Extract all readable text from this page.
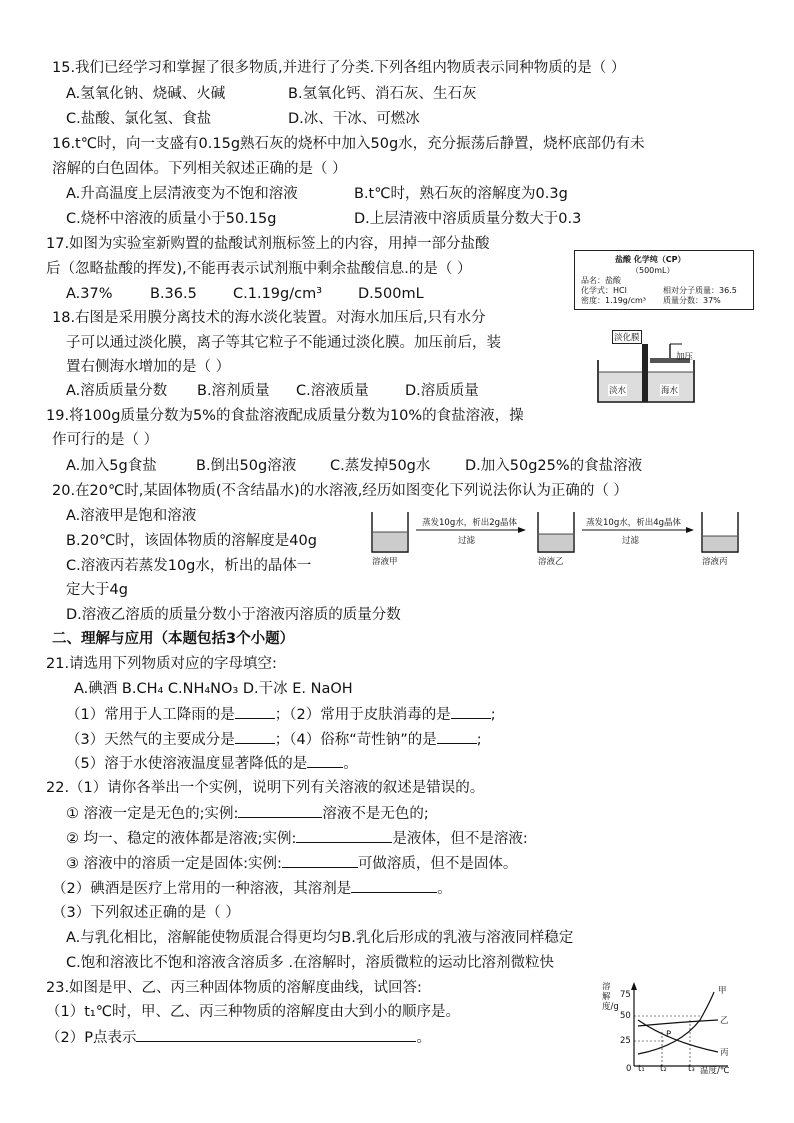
15.我们已经学习和掌握了很多物质,并进行了分类.下列各组内物质表示同种物质的是（ ）
A.氢氧化钠、烧碱、火碱	B.氢氧化钙、消石灰、生石灰
C.盐酸、氯化氢、食盐	D.冰、干冰、可燃冰
16.t℃时，向一支盛有0.15g熟石灰的烧杯中加入50g水，充分振荡后静置，烧杯底部仍有未
溶解的白色固体。下列相关叙述正确的是（ ）
A.升高温度上层清液变为不饱和溶液	B.t℃时，熟石灰的溶解度为0.3g
C.烧杯中溶液的质量小于50.15g	D.上层清液中溶质质量分数大于0.3
17.如图为实验室新购置的盐酸试剂瓶标签上的内容，用掉一部分盐酸
后（忽略盐酸的挥发),不能再表示试剂瓶中剩余盐酸信息.的是（ ）
A.37%	B.36.5 C.1.19g/cm³ D.500mL
盐酸 化学纯（CP）
（500mL）
品名：盐酸
化学式：HCl	相对分子质量：36.5
密度：1.19g/cm³ 质量分数：37%
18.右图是采用膜分离技术的海水淡化装置。对海水加压后,只有水分
子可以通过淡化膜，离子等其它粒子不能通过淡化膜。加压前后，装
置右侧海水增加的是（ ）
A.溶质质量分数 B.溶剂质量 C.溶液质量	D.溶质质量
淡化膜
加压
淡水	海水
19.将100g质量分数为5%的食盐溶液配成质量分数为10%的食盐溶液，操
作可行的是（ ）
A.加入5g食盐	B.倒出50g溶液 C.蒸发掉50g水 D.加入50g25%的食盐溶液
20.在20℃时,某固体物质(不含结晶水)的水溶液,经历如图变化下列说法你认为正确的（ ）
A.溶液甲是饱和溶液
B.20℃时，该固体物质的溶解度是40g
C.溶液丙若蒸发10g水，析出的晶体一
定大于4g
D.溶液乙溶质的质量分数小于溶液丙溶质的质量分数
蒸发10g水，析出2g晶体
过滤
蒸发10g水，析出4g晶体
过滤
溶液甲	溶液乙	溶液丙
二、理解与应用（本题包括3个小题）
21.请选用下列物质对应的字母填空:
A.碘酒 B.CH₄ C.NH₄NO₃ D.干冰 E. NaOH
（1）常用于人工降雨的是	；（2）常用于皮肤消毒的是	;
（3）天然气的主要成分是	；（4）俗称“苛性钠”的是	;
（5）溶于水使溶液温度显著降低的是 。
22.（1）请你各举出一个实例，说明下列有关溶液的叙述是错误的。
① 溶液一定是无色的;实例:	溶液不是无色的;
② 均一、稳定的液体都是溶液;实例:	是液体，但不是溶液:
③ 溶液中的溶质一定是固体:实例:	可做溶质，但不是固体。
（2）碘酒是医疗上常用的一种溶液，其溶剂是	。
（3）下列叙述正确的是（ ）
A.与乳化相比，溶解能使物质混合得更均匀B.乳化后形成的乳液与溶液同样稳定
C.饱和溶液比不饱和溶液含溶质多 .在溶解时，溶质微粒的运动比溶剂微粒快
23.如图是甲、乙、丙三种固体物质的溶解度曲线，试回答:
（1）t₁℃时，甲、乙、丙三种物质的溶解度由大到小的顺序是。
（2）P点表示	。
溶解度/g
75
50
25
0 t₁ t₂	t₃ 温度/℃
甲
乙
丙
P
